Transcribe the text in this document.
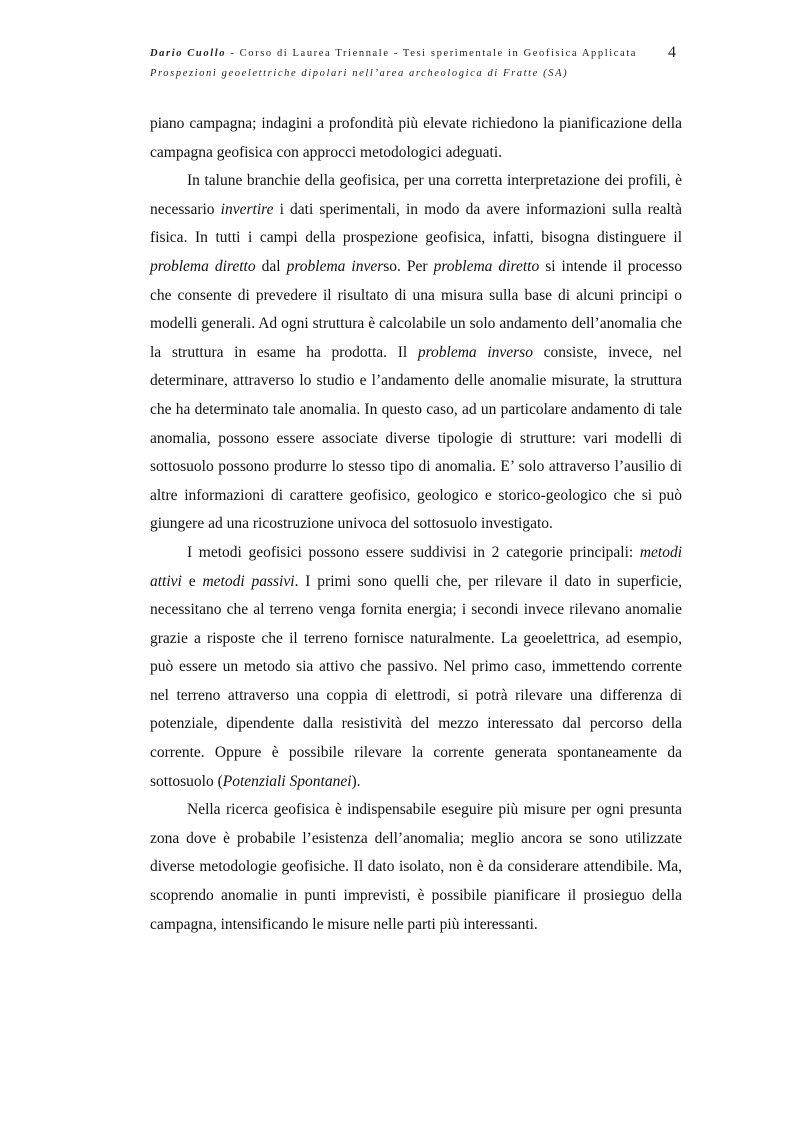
Dario Cuollo - Corso di Laurea Triennale - Tesi sperimentale in Geofisica Applicata
Prospezioni geoelettriche dipolari nell’area archeologica di Fratte (SA)
4

piano campagna; indagini a profondità più elevate richiedono la pianificazione della campagna geofisica con approcci metodologici adeguati.

In talune branchie della geofisica, per una corretta interpretazione dei profili, è necessario invertire i dati sperimentali, in modo da avere informazioni sulla realtà fisica. In tutti i campi della prospezione geofisica, infatti, bisogna distinguere il problema diretto dal problema inverso. Per problema diretto si intende il processo che consente di prevedere il risultato di una misura sulla base di alcuni principi o modelli generali. Ad ogni struttura è calcolabile un solo andamento dell’anomalia che la struttura in esame ha prodotta. Il problema inverso consiste, invece, nel determinare, attraverso lo studio e l’andamento delle anomalie misurate, la struttura che ha determinato tale anomalia. In questo caso, ad un particolare andamento di tale anomalia, possono essere associate diverse tipologie di strutture: vari modelli di sottosuolo possono produrre lo stesso tipo di anomalia. E’ solo attraverso l’ausilio di altre informazioni di carattere geofisico, geologico e storico-geologico che si può giungere ad una ricostruzione univoca del sottosuolo investigato.

I metodi geofisici possono essere suddivisi in 2 categorie principali: metodi attivi e metodi passivi. I primi sono quelli che, per rilevare il dato in superficie, necessitano che al terreno venga fornita energia; i secondi invece rilevano anomalie grazie a risposte che il terreno fornisce naturalmente. La geoelettrica, ad esempio, può essere un metodo sia attivo che passivo. Nel primo caso, immettendo corrente nel terreno attraverso una coppia di elettrodi, si potrà rilevare una differenza di potenziale, dipendente dalla resistività del mezzo interessato dal percorso della corrente. Oppure è possibile rilevare la corrente generata spontaneamente da sottosuolo (Potenziali Spontanei).

Nella ricerca geofisica è indispensabile eseguire più misure per ogni presunta zona dove è probabile l’esistenza dell’anomalia; meglio ancora se sono utilizzate diverse metodologie geofisiche. Il dato isolato, non è da considerare attendibile. Ma, scoprendo anomalie in punti imprevisti, è possibile pianificare il prosieguo della campagna, intensificando le misure nelle parti più interessanti.
